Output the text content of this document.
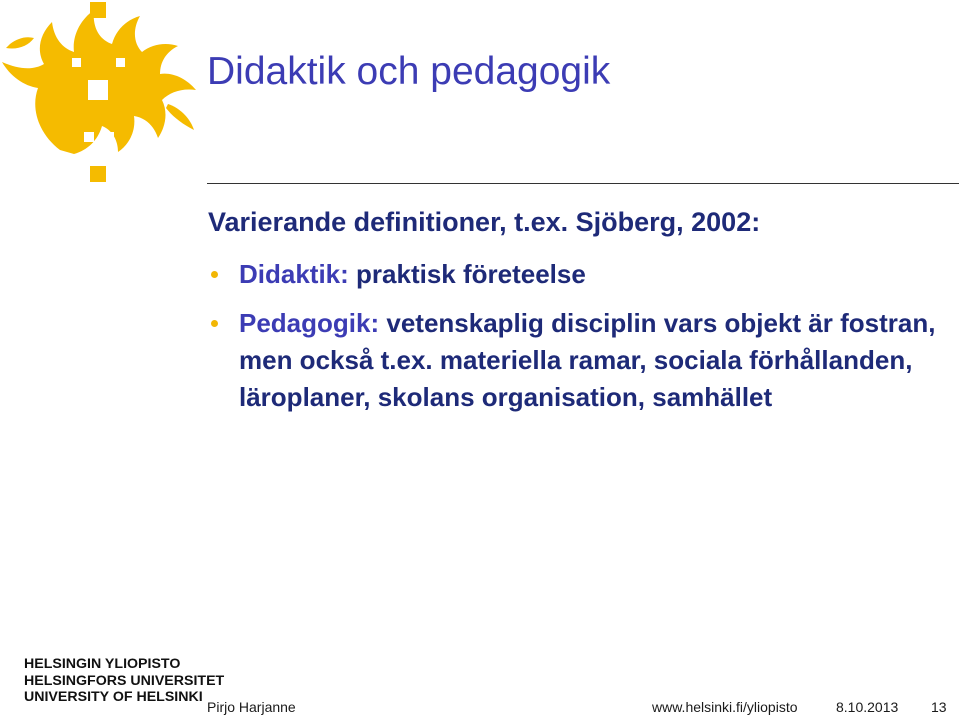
Didaktik och pedagogik
Varierande definitioner, t.ex. Sjöberg, 2002:
Didaktik: praktisk företeelse
Pedagogik: vetenskaplig disciplin vars objekt är fostran, men också t.ex. materiella ramar, sociala förhållanden, läroplaner, skolans organisation, samhället
HELSINGIN YLIOPISTO
HELSINGFORS UNIVERSITET
UNIVERSITY OF HELSINKI
Pirjo Harjanne	www.helsinki.fi/yliopisto	8.10.2013 13
